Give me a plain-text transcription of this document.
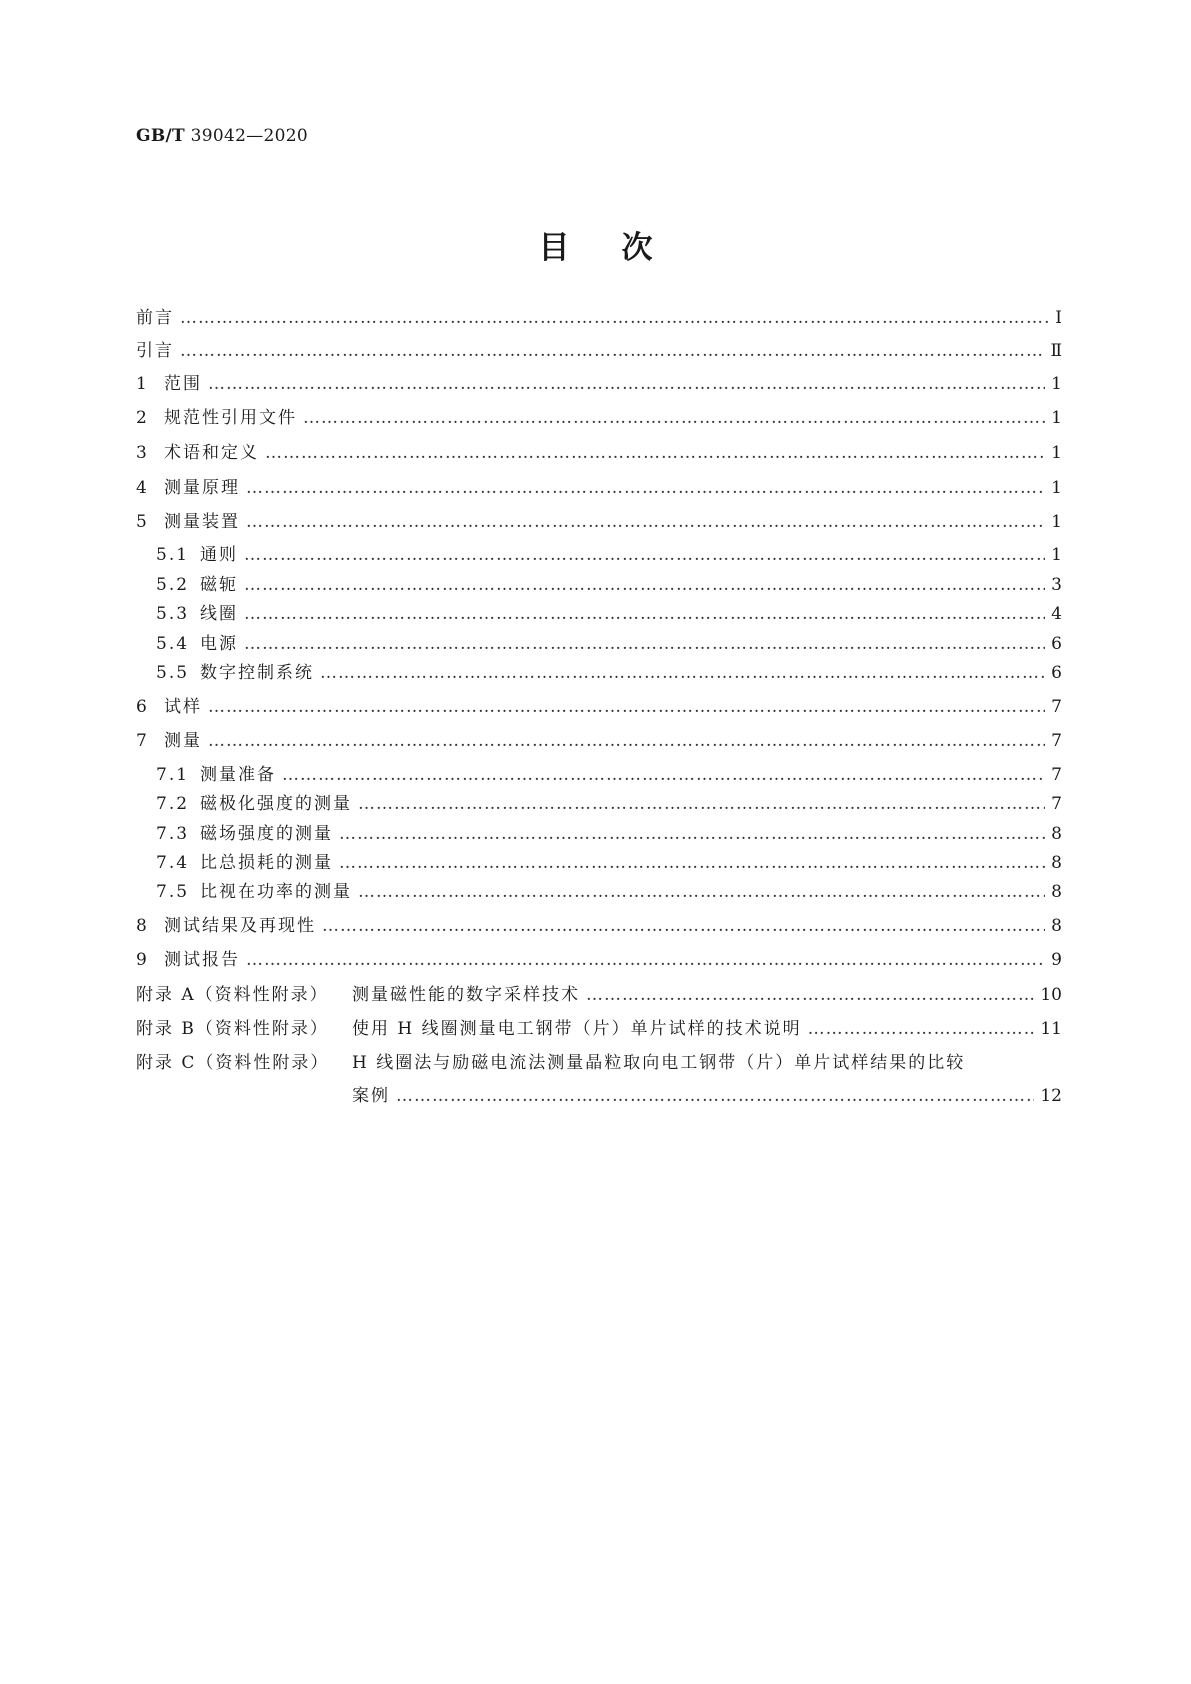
GB/T 39042—2020
目次
前言 …………………………………………………………………………………………………………………………………………………………………………………………………………………………………………………………	Ⅰ
引言 …………………………………………………………………………………………………………………………………………………………………………………………………………………………………………………………	Ⅱ
1 范围 …………………………………………………………………………………………………………………………………………………………………………………………………………………………………………………………	1
2 规范性引用文件 …………………………………………………………………………………………………………………………………………………………………………………………………………………………………………………………	1
3 术语和定义 …………………………………………………………………………………………………………………………………………………………………………………………………………………………………………………………	1
4 测量原理 …………………………………………………………………………………………………………………………………………………………………………………………………………………………………………………………	1
5 测量装置 …………………………………………………………………………………………………………………………………………………………………………………………………………………………………………………………	1
5.1 通则 …………………………………………………………………………………………………………………………………………………………………………………………………………………………………………………………	1
5.2 磁轭 …………………………………………………………………………………………………………………………………………………………………………………………………………………………………………………………	3
5.3 线圈 …………………………………………………………………………………………………………………………………………………………………………………………………………………………………………………………	4
5.4 电源 …………………………………………………………………………………………………………………………………………………………………………………………………………………………………………………………	6
5.5 数字控制系统 …………………………………………………………………………………………………………………………………………………………………………………………………………………………………………………………	6
6 试样 …………………………………………………………………………………………………………………………………………………………………………………………………………………………………………………………	7
7 测量 …………………………………………………………………………………………………………………………………………………………………………………………………………………………………………………………	7
7.1 测量准备 …………………………………………………………………………………………………………………………………………………………………………………………………………………………………………………………	7
7.2 磁极化强度的测量 …………………………………………………………………………………………………………………………………………………………………………………………………………………………………………………………	7
7.3 磁场强度的测量 …………………………………………………………………………………………………………………………………………………………………………………………………………………………………………………………	8
7.4 比总损耗的测量 …………………………………………………………………………………………………………………………………………………………………………………………………………………………………………………………	8
7.5 比视在功率的测量 …………………………………………………………………………………………………………………………………………………………………………………………………………………………………………………………	8
8 测试结果及再现性 …………………………………………………………………………………………………………………………………………………………………………………………………………………………………………………………	8
9 测试报告 …………………………………………………………………………………………………………………………………………………………………………………………………………………………………………………………	9
附录 A（资料性附录）	测量磁性能的数字采样技术 …………………………………………………………………………………………………………………………………………………………………………………………………………………………………………………………	10
附录 B（资料性附录）	使用 H 线圈测量电工钢带（片）单片试样的技术说明 …………………………………………………………………………………………………………………………………………………………………………………………………………………………………………………………	11
附录 C（资料性附录）	H 线圈法与励磁电流法测量晶粒取向电工钢带（片）单片试样结果的比较
案例 …………………………………………………………………………………………………………………………………………………………………………………………………………………………………………………………	12
